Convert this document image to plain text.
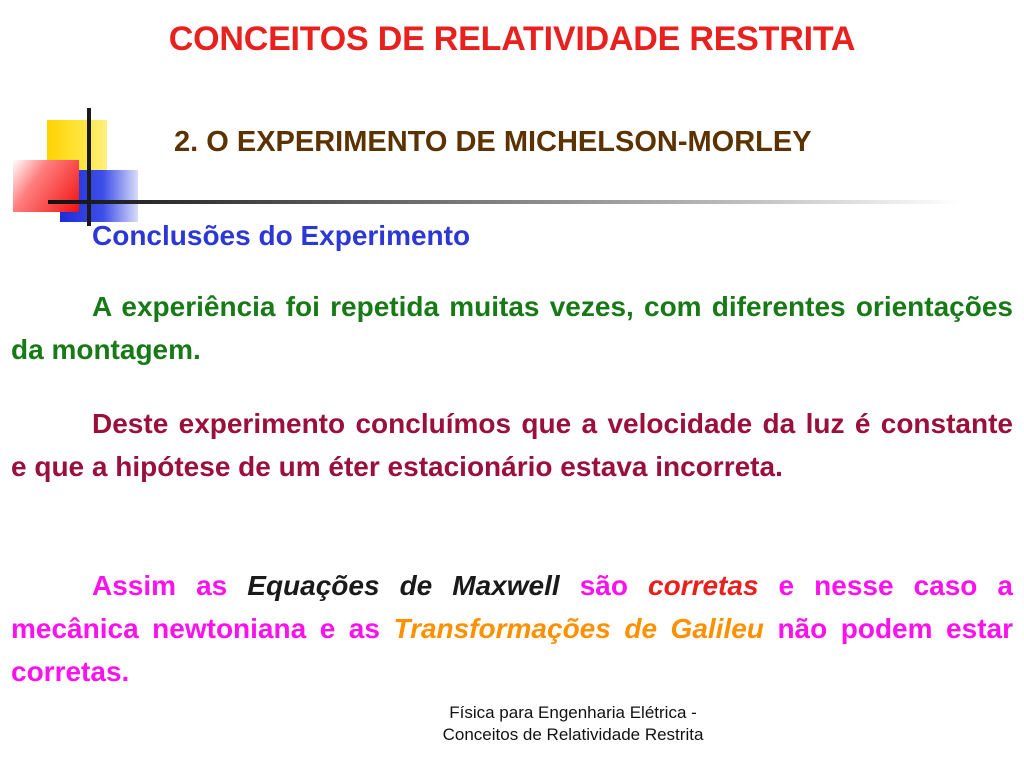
CONCEITOS DE RELATIVIDADE RESTRITA
2. O EXPERIMENTO DE MICHELSON-MORLEY
Conclusões do Experimento

A experiência foi repetida muitas vezes, com diferentes orientações da montagem.

Deste experimento concluímos que a velocidade da luz é constante e que a hipótese de um éter estacionário estava incorreta.

Assim as Equações de Maxwell são corretas e nesse caso a mecânica newtoniana e as Transformações de Galileu não podem estar corretas.

Física para Engenharia Elétrica -
Conceitos de Relatividade Restrita
